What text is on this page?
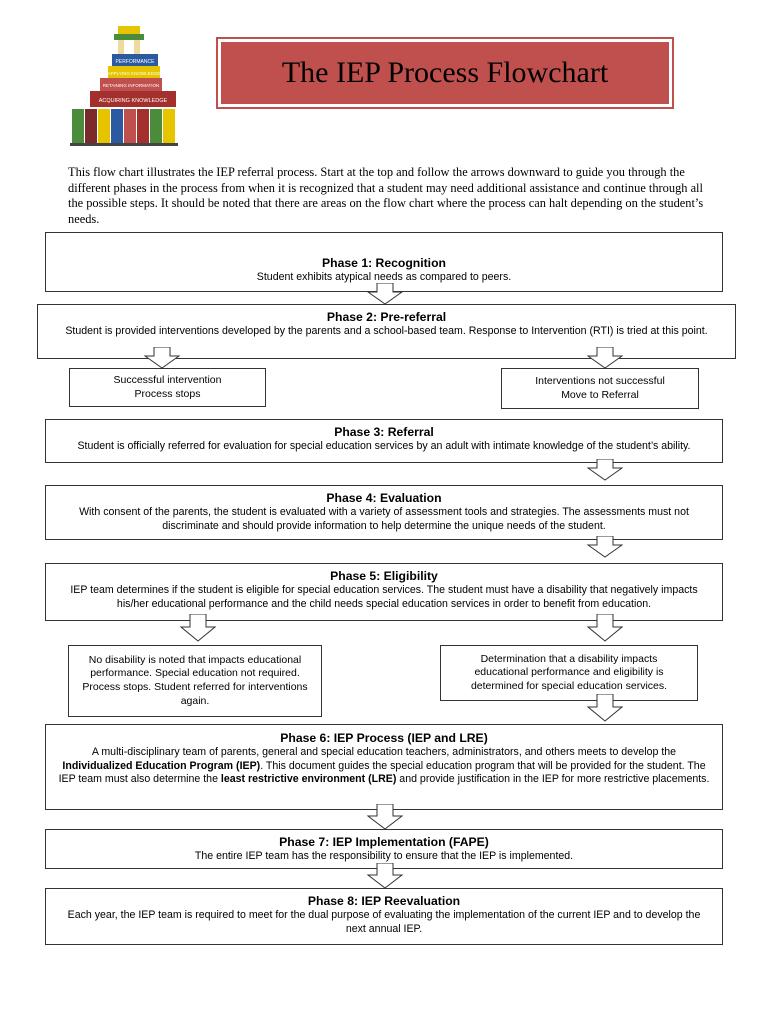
PERFORMANCE
APPLYING KNOWLEDGE
RETAINING INFORMATION
ACQUIRING KNOWLEDGE
The IEP Process Flowchart
This flow chart illustrates the IEP referral process. Start at the top and follow the arrows downward to guide you through the different phases in the process from when it is recognized that a student may need additional assistance and continue through all the possible steps. It should be noted that there are areas on the flow chart where the process can halt depending on the student’s needs.
Phase 1: Recognition
Student exhibits atypical needs as compared to peers.
Phase 2: Pre-referral
Student is provided interventions developed by the parents and a school-based team. Response to Intervention (RTI) is tried at this point.
Successful intervention
Process stops
Interventions not successful
Move to Referral
Phase 3: Referral
Student is officially referred for evaluation for special education services by an adult with intimate knowledge of the student’s ability.
Phase 4: Evaluation
With consent of the parents, the student is evaluated with a variety of assessment tools and strategies. The assessments must not discriminate and should provide information to help determine the unique needs of the student.
Phase 5: Eligibility
IEP team determines if the student is eligible for special education services. The student must have a disability that negatively impacts his/her educational performance and the child needs special education services in order to benefit from education.
No disability is noted that impacts educational performance. Special education not required. Process stops. Student referred for interventions again.
Determination that a disability impacts educational performance and eligibility is determined for special education services.
Phase 6: IEP Process (IEP and LRE)
A multi-disciplinary team of parents, general and special education teachers, administrators, and others meets to develop the Individualized Education Program (IEP). This document guides the special education program that will be provided for the student. The IEP team must also determine the least restrictive environment (LRE) and provide justification in the IEP for more restrictive placements.
Phase 7: IEP Implementation (FAPE)
The entire IEP team has the responsibility to ensure that the IEP is implemented.
Phase 8: IEP Reevaluation
Each year, the IEP team is required to meet for the dual purpose of evaluating the implementation of the current IEP and to develop the next annual IEP.
